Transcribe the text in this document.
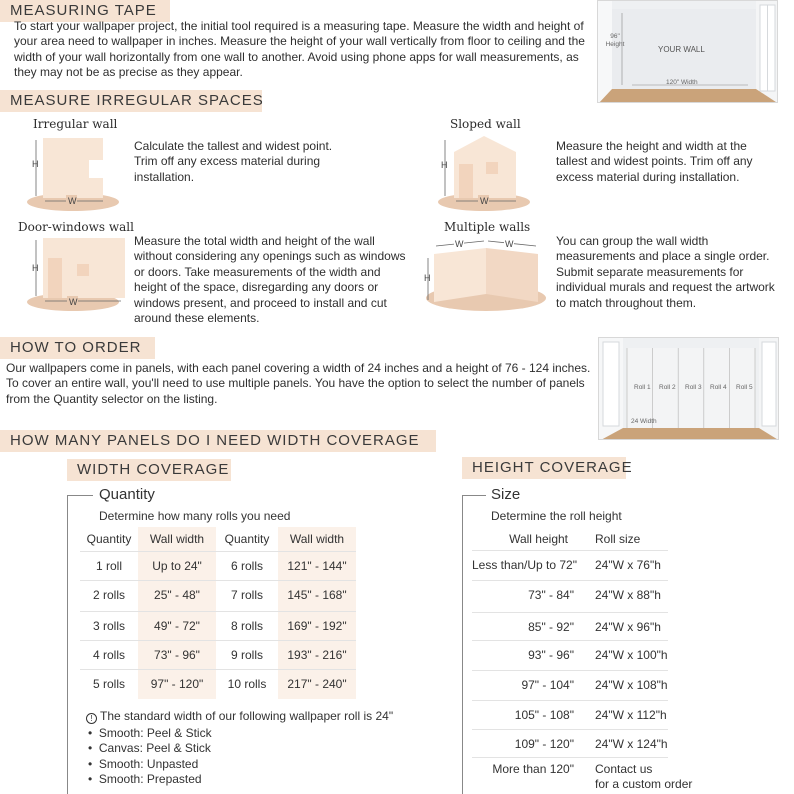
MEASURING TAPE
To start your wallpaper project, the initial tool required is a measuring tape. Measure the width and height of your area need to wallpaper in inches. Measure the height of your wall vertically from floor to ceiling and the width of your wall horizontally from one wall to another. Avoid using phone apps for wall measurements, as they may not be as precise as they appear.
96"
Height
YOUR WALL
120" Width
MEASURE IRREGULAR SPACES
Irregular wall
H
W
Calculate the tallest and widest point. Trim off any excess material during installation.
Sloped wall
H
W
Measure the height and width at the tallest and widest points. Trim off any excess material during installation.
Door-windows wall
H
W
Measure the total width and height of the wall without considering any openings such as windows or doors. Take measurements of the width and height of the space, disregarding any doors or windows present, and proceed to install and cut around these elements.
Multiple walls
W	W
H
You can group the wall width measurements and place a single order. Submit separate measurements for individual murals and request the artwork to match throughout them.
HOW TO ORDER
Our wallpapers come in panels, with each panel covering a width of 24 inches and a height of 76 - 124 inches. To cover an entire wall, you'll need to use multiple panels. You have the option to select the number of panels from the Quantity selector on the listing.
Roll 1 Roll 2 Roll 3 Roll 4 Roll 5
24 Width
HOW MANY PANELS DO I NEED WIDTH COVERAGE
WIDTH COVERAGE
Quantity
Determine how many rolls you need
Quantity	Wall width	Quantity	Wall width
1 roll	Up to 24"	6 rolls	121" - 144"
2 rolls	25" - 48"	7 rolls	145" - 168"
3 rolls	49" - 72"	8 rolls	169" - 192"
4 rolls	73" - 96"	9 rolls	193" - 216"
5 rolls	97" - 120"	10 rolls	217" - 240"
! The standard width of our following wallpaper roll is 24"
•  Smooth: Peel & Stick
•  Canvas: Peel & Stick
•  Smooth: Unpasted
•  Smooth: Prepasted
HEIGHT COVERAGE
Size
Determine the roll height
Wall height Roll size
Less than/Up to 72" 24"W x 76"h
73" - 84" 24"W x 88"h
85" - 92" 24"W x 96"h
93" - 96" 24"W x 100"h
97" - 104" 24"W x 108"h
105" - 108" 24"W x 112"h
109" - 120" 24"W x 124"h
More than 120" Contact us
for a custom order
